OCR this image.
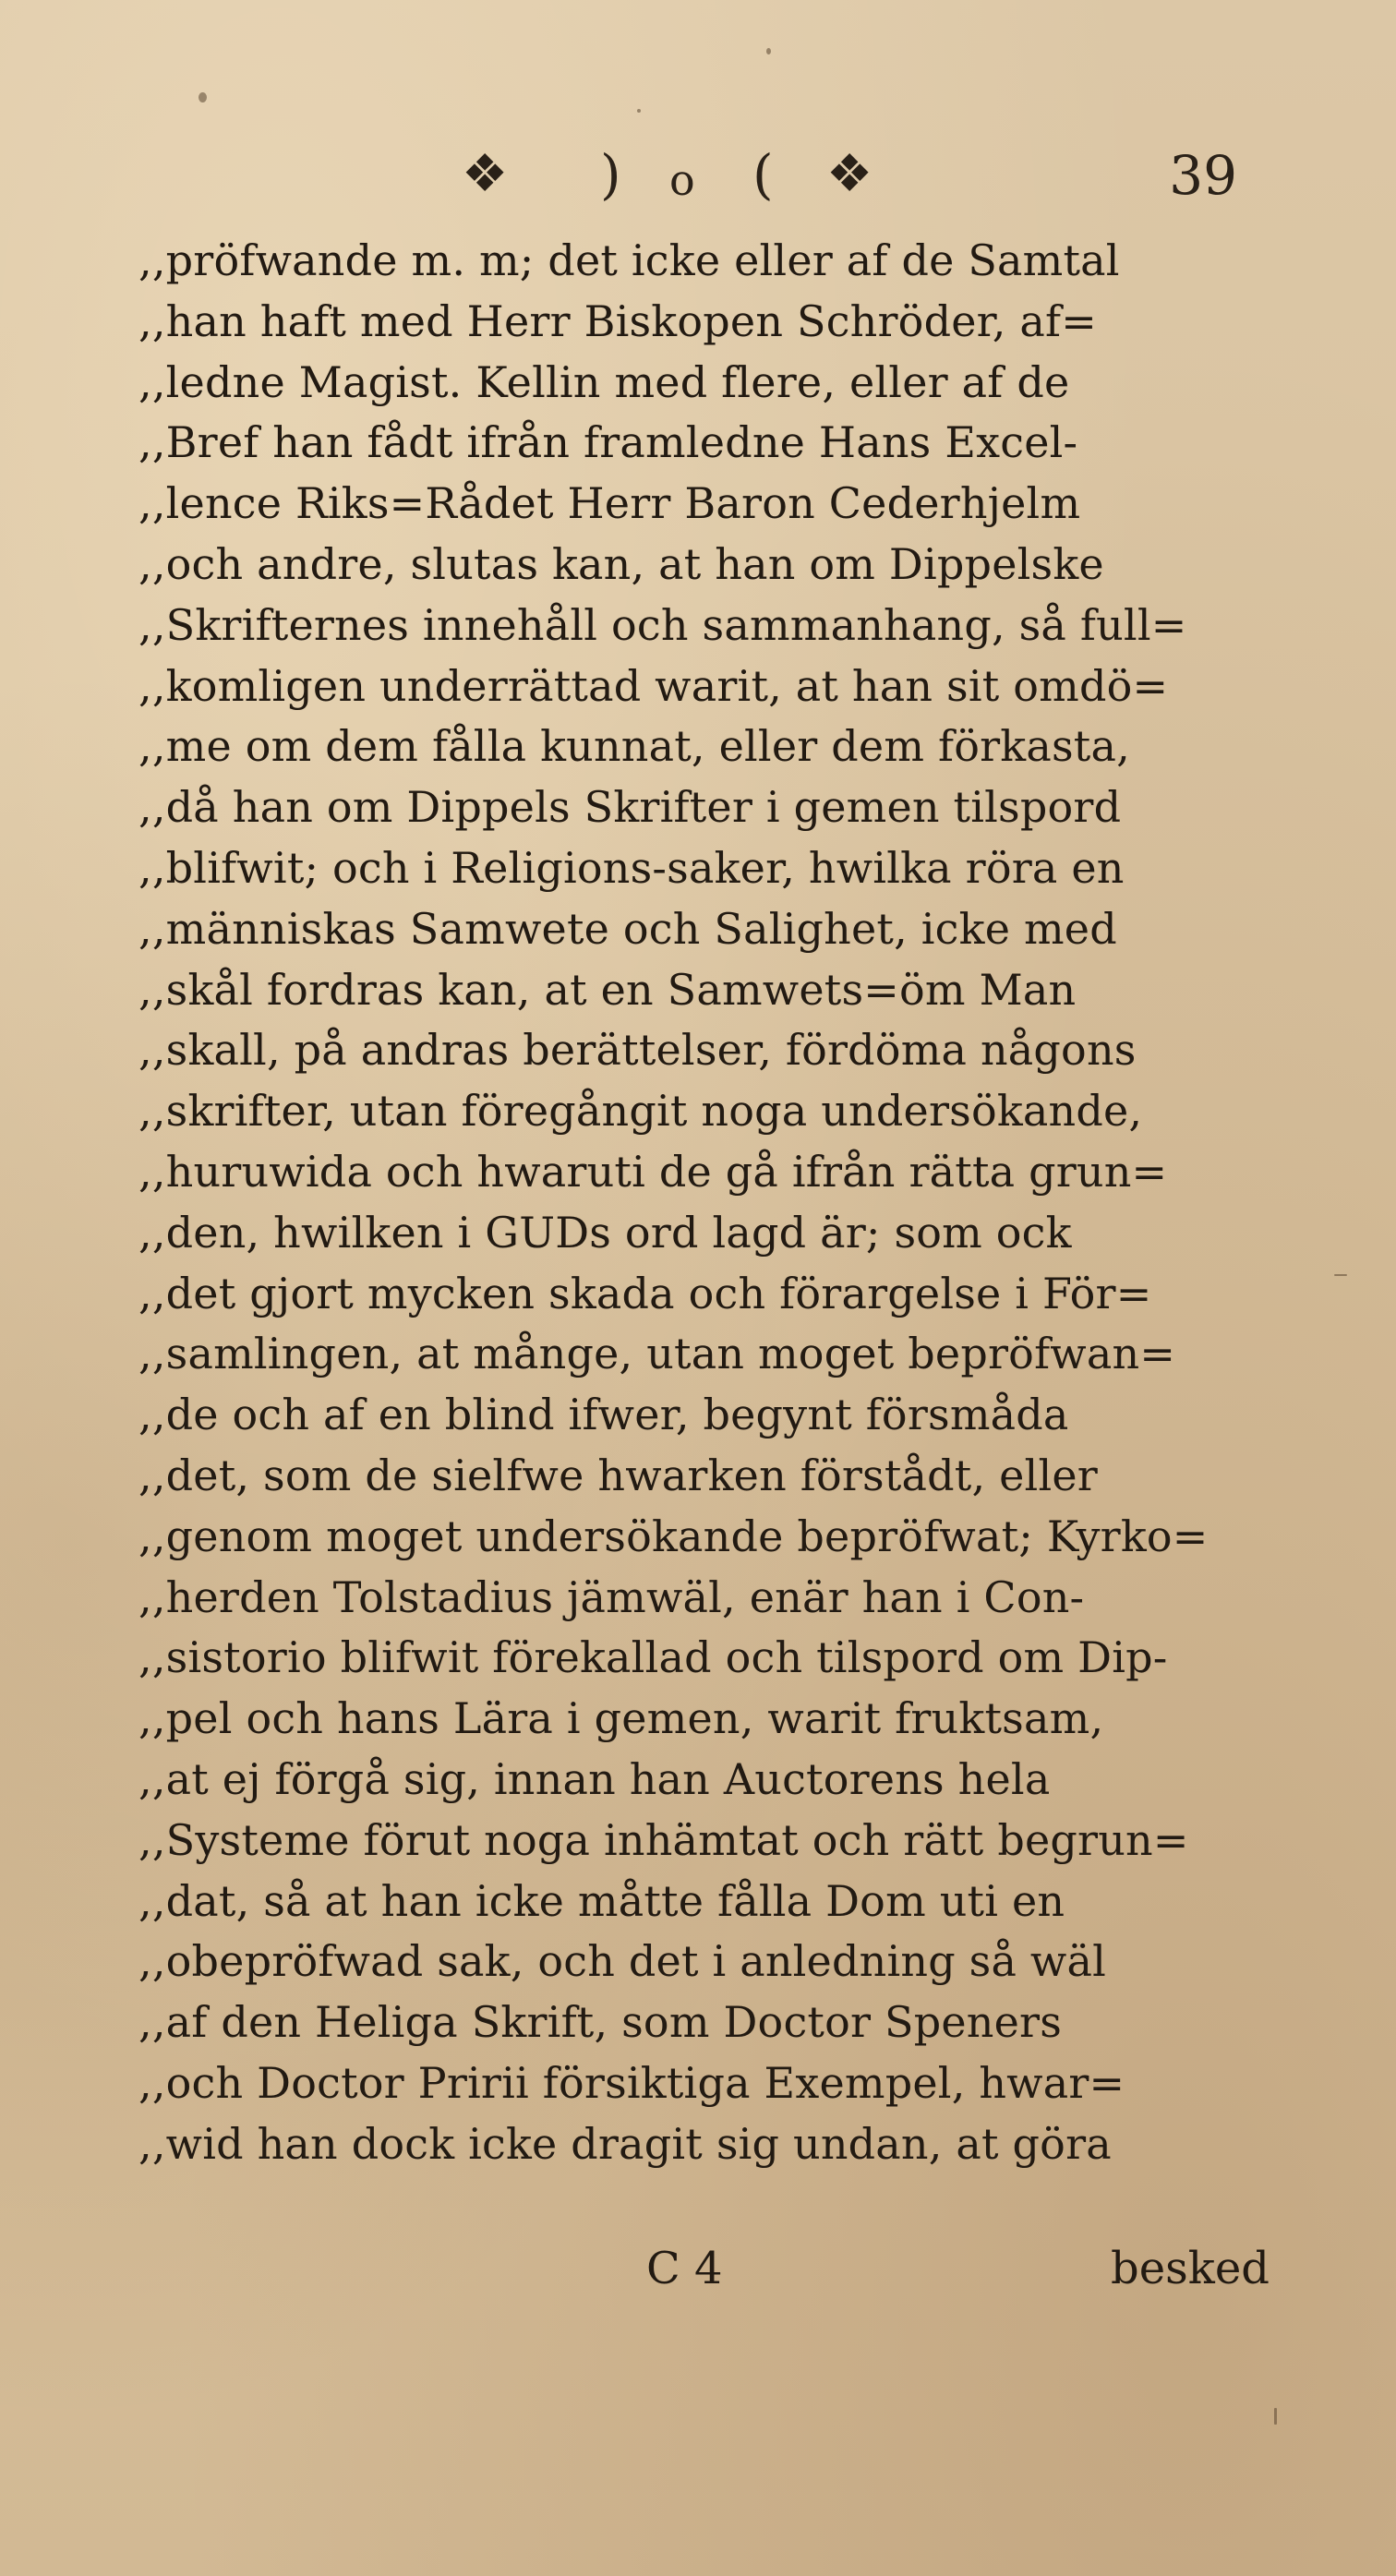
❖ ) o ( ❖	39
,,pröfwande m. m; det icke eller af de Samtal
,,han haft med Herr Biskopen Schröder, af=
,,ledne Magist. Kellin med flere, eller af de
,,Bref han fådt ifrån framledne Hans Excel-
,,lence Riks=Rådet Herr Baron Cederhjelm
,,och andre, slutas kan, at han om Dippelske
,,Skrifternes innehåll och sammanhang, så full=
,,komligen underrättad warit, at han sit omdö=
,,me om dem fålla kunnat, eller dem förkasta,
,,då han om Dippels Skrifter i gemen tilspord
,,blifwit; och i Religions-saker, hwilka röra en
,,människas Samwete och Salighet, icke med
,,skål fordras kan, at en Samwets=öm Man
,,skall, på andras berättelser, fördöma någons
,,skrifter, utan föregångit noga undersökande,
,,huruwida och hwaruti de gå ifrån rätta grun=
,,den, hwilken i GUDs ord lagd är; som ock
,,det gjort mycken skada och förargelse i För=
,,samlingen, at månge, utan moget bepröfwan=
,,de och af en blind ifwer, begynt försmåda
,,det, som de sielfwe hwarken förstådt, eller
,,genom moget undersökande bepröfwat; Kyrko=
,,herden Tolstadius jämwäl, enär han i Con-
,,sistorio blifwit förekallad och tilspord om Dip-
,,pel och hans Lära i gemen, warit fruktsam,
,,at ej förgå sig, innan han Auctorens hela
,,Systeme förut noga inhämtat och rätt begrun=
,,dat, så at han icke måtte fålla Dom uti en
,,obepröfwad sak, och det i anledning så wäl
,,af den Heliga Skrift, som Doctor Speners
,,och Doctor Pririi försiktiga Exempel, hwar=
,,wid han dock icke dragit sig undan, at göra
C 4	besked
